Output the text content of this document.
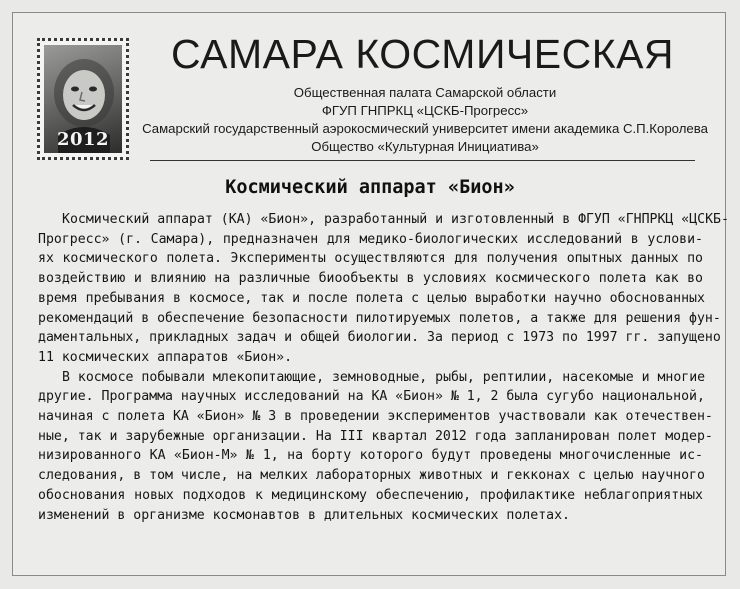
2012
САМАРА КОСМИЧЕСКАЯ
Общественная палата Самарской области
ФГУП ГНПРКЦ «ЦСКБ-Прогресс»
Самарский государственный аэрокосмический университет имени академика С.П.Королева
Общество «Культурная Инициатива»
Космический аппарат «Бион»

Космический аппарат (КА) «Бион», разработанный и изготовленный в ФГУП «ГНПРКЦ «ЦСКБ-
Прогресс» (г. Самара), предназначен для медико-биологических исследований в услови-
ях космического полета. Эксперименты осуществляются для получения опытных данных по
воздействию и влиянию на различные биообъекты в условиях космического полета как во
время пребывания в космосе, так и после полета с целью выработки научно обоснованных
рекомендаций в обеспечение безопасности пилотируемых полетов, а также для решения фун-
даментальных, прикладных задач и общей биологии. За период с 1973 по 1997 гг. запущено
11 космических аппаратов «Бион».

В космосе побывали млекопитающие, земноводные, рыбы, рептилии, насекомые и многие
другие. Программа научных исследований на КА «Бион» № 1, 2 была сугубо национальной,
начиная с полета КА «Бион» № 3 в проведении экспериментов участвовали как отечествен-
ные, так и зарубежные организации. На III квартал 2012 года запланирован полет модер-
низированного КА «Бион-М» № 1, на борту которого будут проведены многочисленные ис-
следования, в том числе, на мелких лабораторных животных и гекконах с целью научного
обоснования новых подходов к медицинскому обеспечению, профилактике неблагоприятных
изменений в организме космонавтов в длительных космических полетах.
